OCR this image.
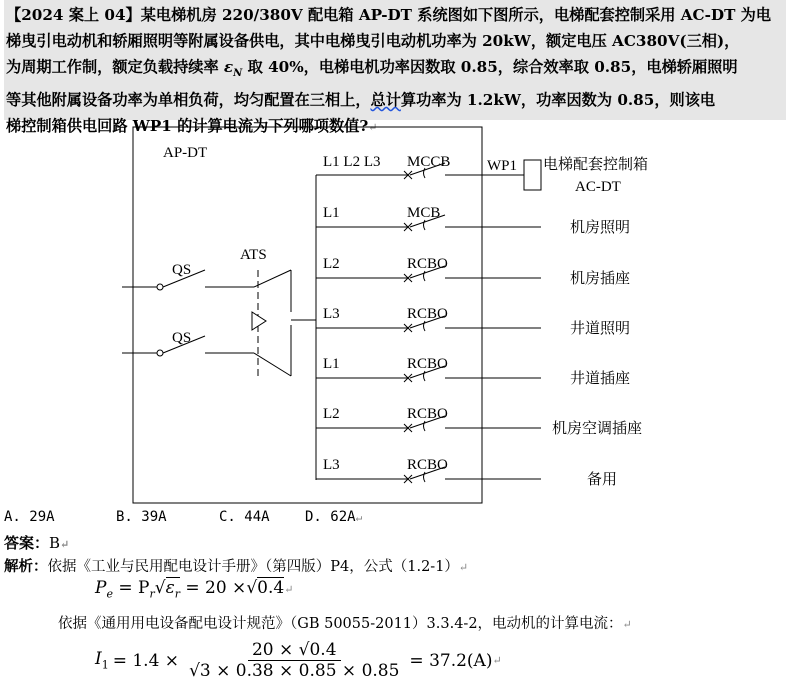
【2024 案上 04】某电梯机房 220/380V 配电箱 AP-DT 系统图如下图所示，电梯配套控制采用 AC-DT 为电
梯曳引电动机和轿厢照明等附属设备供电，其中电梯曳引电动机功率为 20kW，额定电压 AC380V(三相)，
为周期工作制，额定负载持续率 $\varepsilon_N$ 取 40%，电梯电机功率因数取 0.85，综合效率取 0.85，电梯轿厢照明
等其他附属设备功率为单相负荷，均匀配置在三相上，总计算功率为 1.2kW，功率因数为 0.85，则该电
梯控制箱供电回路 WP1 的计算电流为下列哪项数值?↵
AP-DT
QS
QS
ATS
L1 L2 L3 MCCB WP1 电梯配套控制箱
AC-DT
L1	MCB
机房照明
L2	RCBO
机房插座
L3	RCBO
井道照明
L1	RCBO
井道插座
L2	RCBO
机房空调插座
L3	RCBO
备用
A. 29A	B. 39A	C. 44A	D. 62A↵
答案：B↵
解析：依据《工业与民用配电设计手册》（第四版）P4，公式（1.2-1）↵
$P_e = P_r√\varepsilon_r = 20$ ×√0.4↵
依据《通用用电设备配电设计规范》（GB 50055-2011）3.3.4-2，电动机的计算电流：↵
$I_1 = 1.4 \times \frac{20 \times √0.4}{√3 \times 0.38 \times 0.85 \times 0.85} = 37.2(A)$ ↵
